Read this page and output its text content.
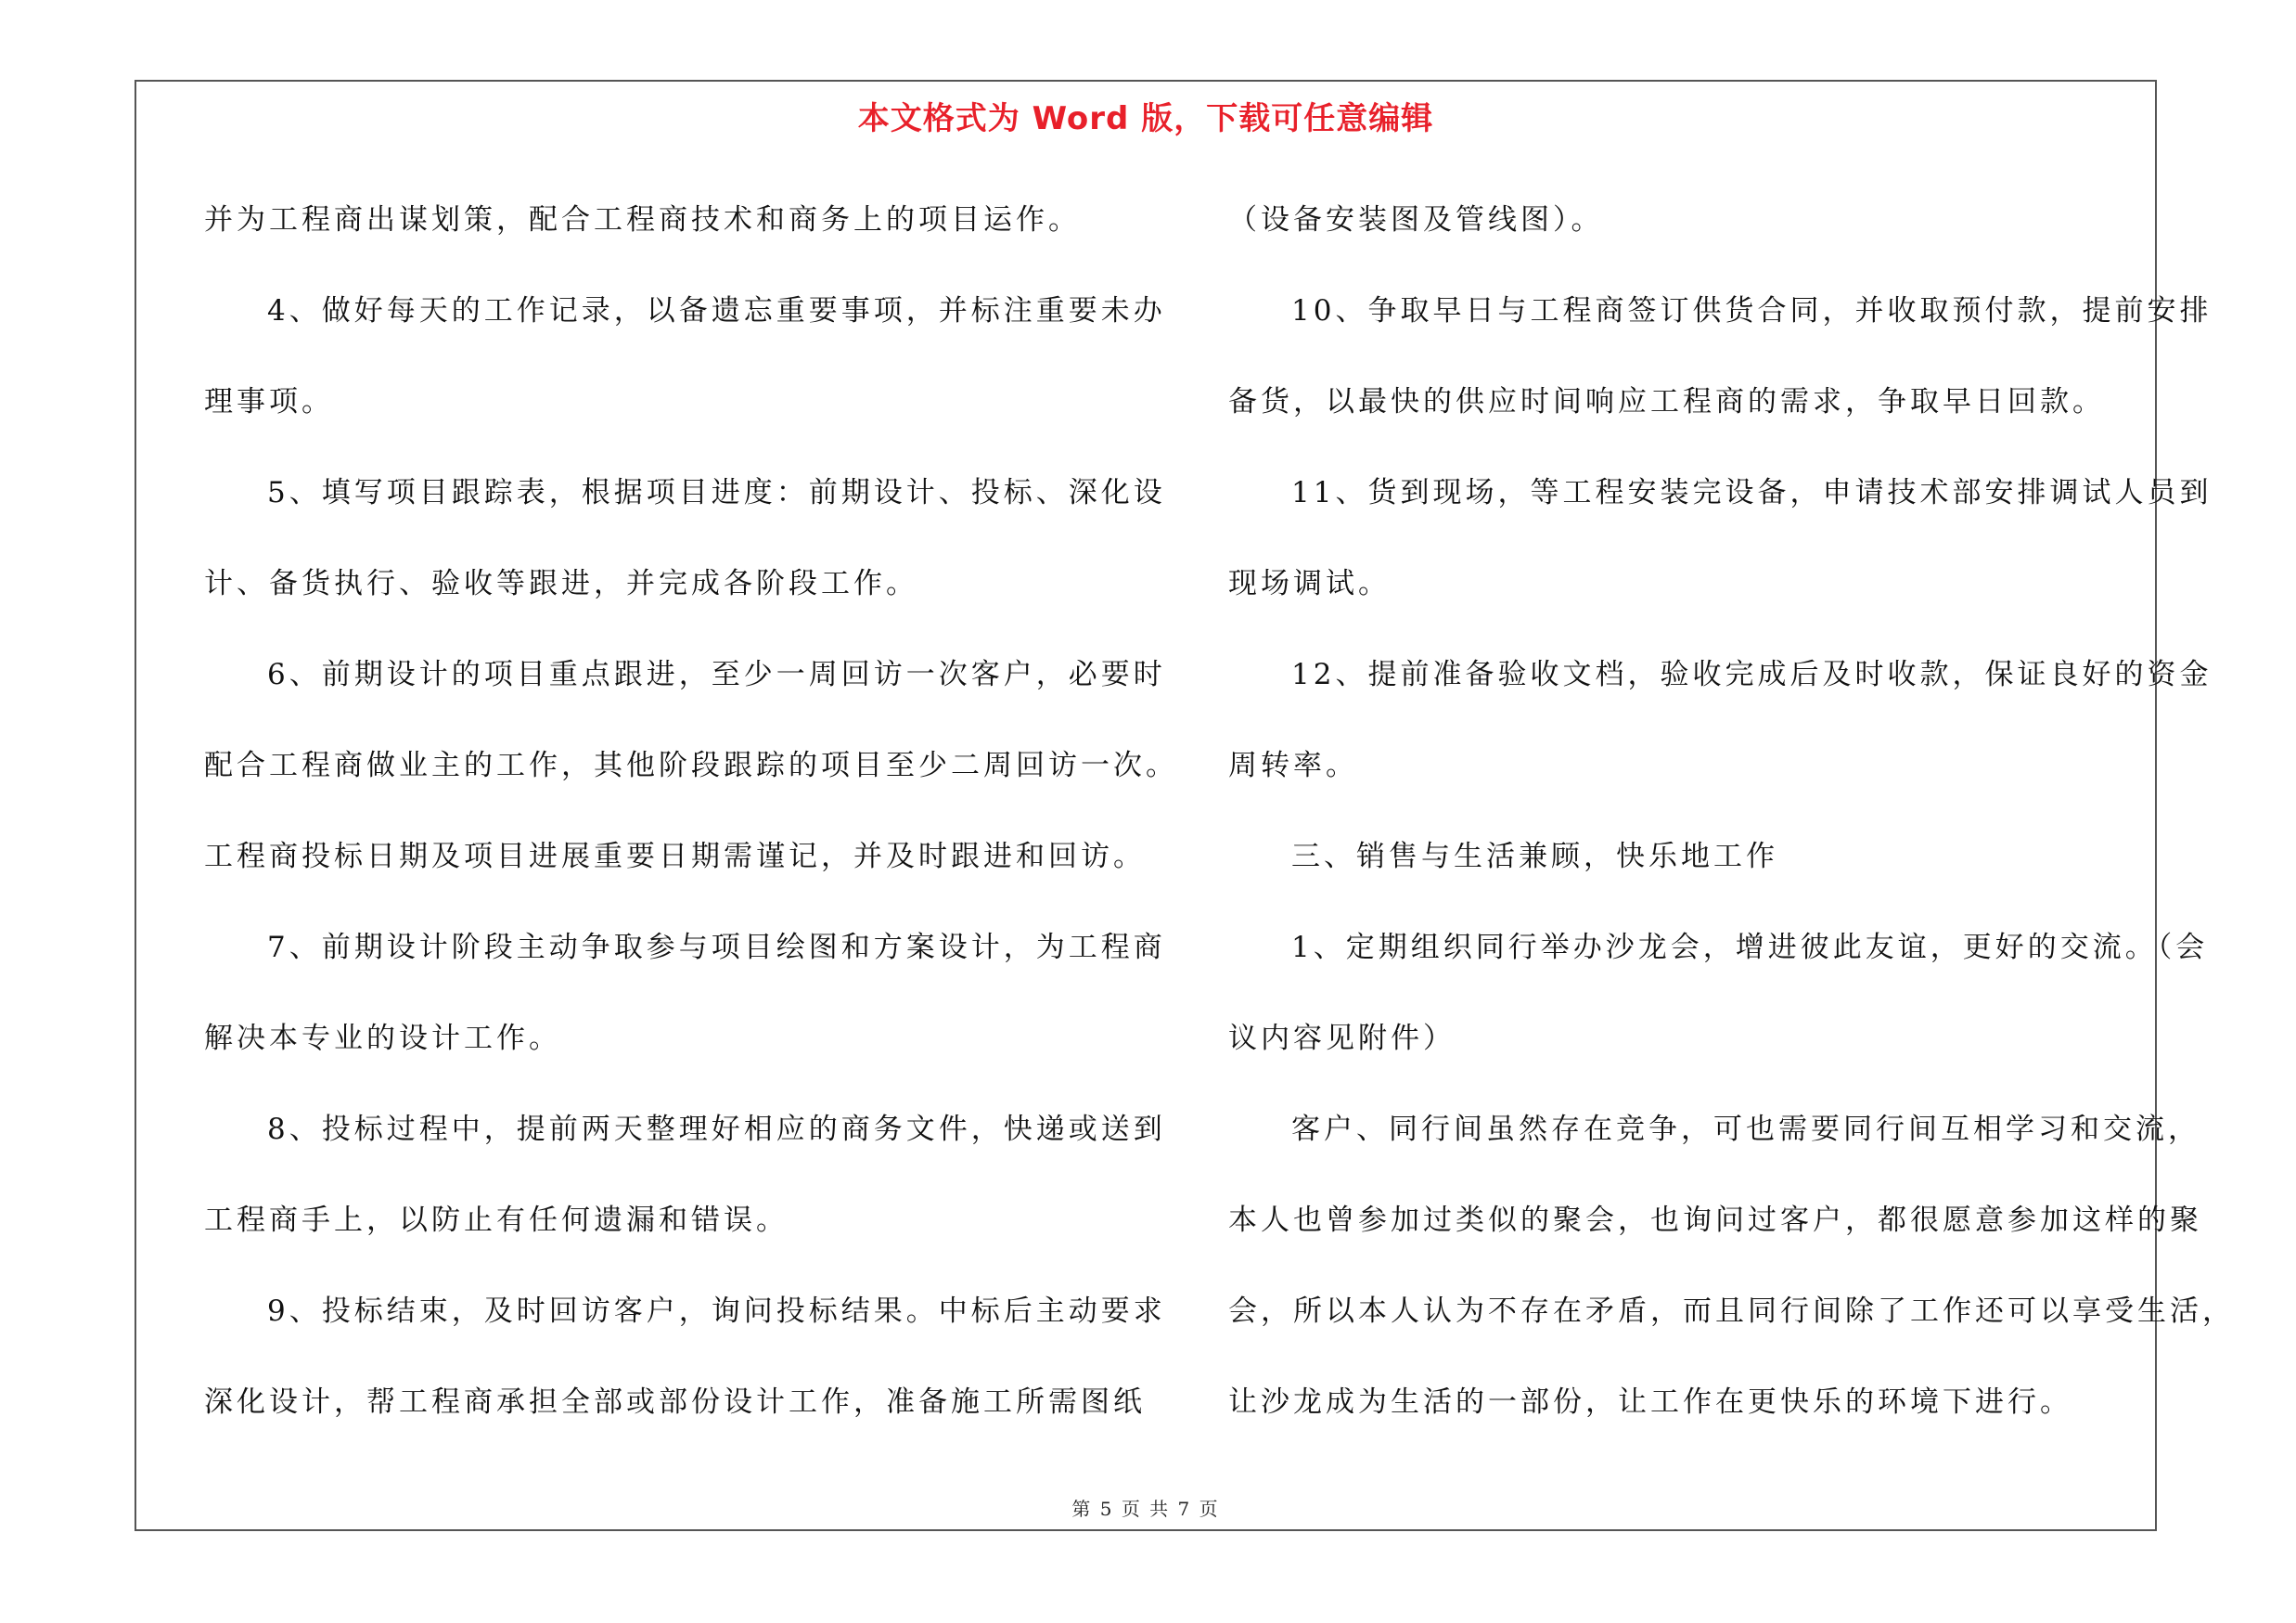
本文格式为 Word 版，下载可任意编辑
并为工程商出谋划策，配合工程商技术和商务上的项目运作。
4、做好每天的工作记录，以备遗忘重要事项，并标注重要未办
理事项。
5、填写项目跟踪表，根据项目进度：前期设计、投标、深化设
计、备货执行、验收等跟进，并完成各阶段工作。
6、前期设计的项目重点跟进，至少一周回访一次客户，必要时
配合工程商做业主的工作，其他阶段跟踪的项目至少二周回访一次。
工程商投标日期及项目进展重要日期需谨记，并及时跟进和回访。
7、前期设计阶段主动争取参与项目绘图和方案设计，为工程商
解决本专业的设计工作。
8、投标过程中，提前两天整理好相应的商务文件，快递或送到
工程商手上，以防止有任何遗漏和错误。
9、投标结束，及时回访客户，询问投标结果。中标后主动要求
深化设计，帮工程商承担全部或部份设计工作，准备施工所需图纸
（设备安装图及管线图）。
10、争取早日与工程商签订供货合同，并收取预付款，提前安排
备货，以最快的供应时间响应工程商的需求，争取早日回款。
11、货到现场，等工程安装完设备，申请技术部安排调试人员到
现场调试。
12、提前准备验收文档，验收完成后及时收款，保证良好的资金
周转率。
三、销售与生活兼顾，快乐地工作
1、定期组织同行举办沙龙会，增进彼此友谊，更好的交流。（会
议内容见附件）
客户、同行间虽然存在竞争，可也需要同行间互相学习和交流，
本人也曾参加过类似的聚会，也询问过客户，都很愿意参加这样的聚
会，所以本人认为不存在矛盾，而且同行间除了工作还可以享受生活，
让沙龙成为生活的一部份，让工作在更快乐的环境下进行。
第 5 页 共 7 页
